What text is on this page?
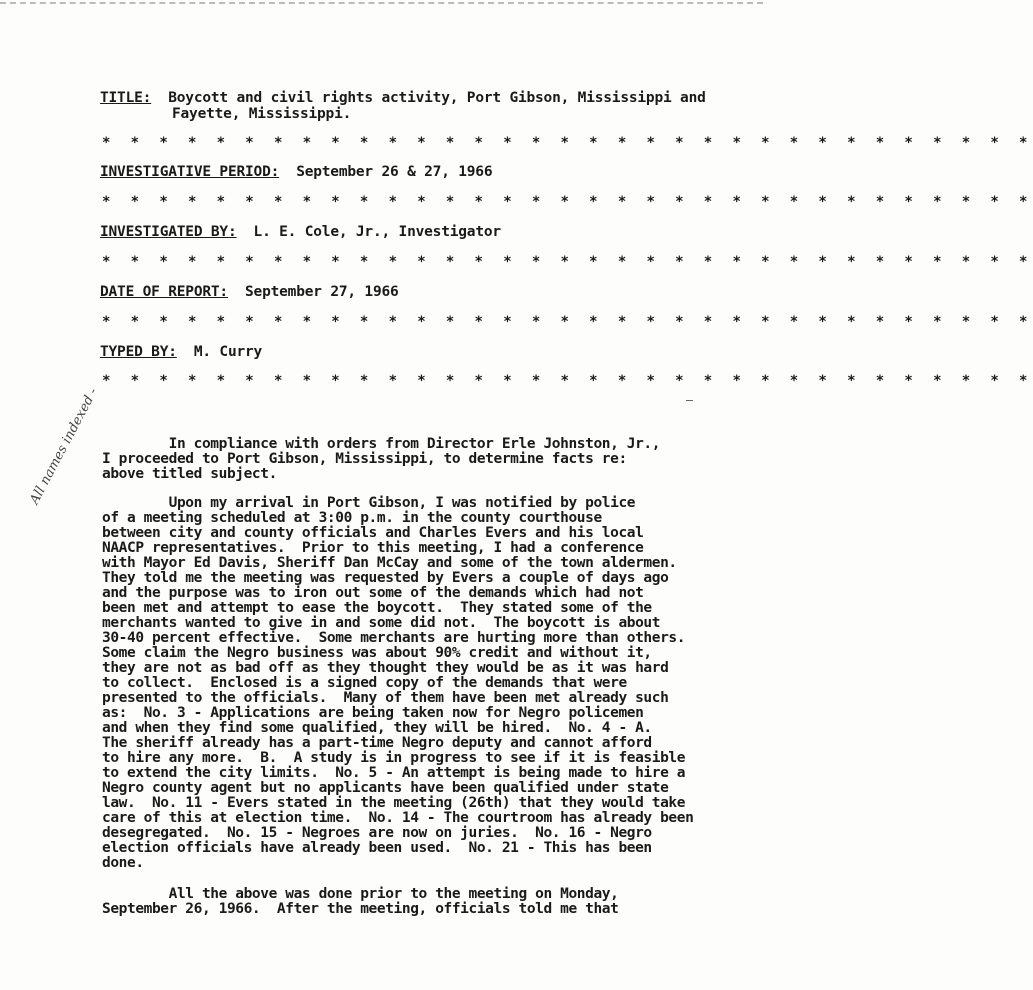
TITLE: Boycott and civil rights activity, Port Gibson, Mississippi and
Fayette, Mississippi.
* * * * * * * * * * * * * * * * * * * * * * * * * * * * * * * * *
INVESTIGATIVE PERIOD: September 26 & 27, 1966
* * * * * * * * * * * * * * * * * * * * * * * * * * * * * * * * *
INVESTIGATED BY: L. E. Cole, Jr., Investigator
* * * * * * * * * * * * * * * * * * * * * * * * * * * * * * * * *
DATE OF REPORT: September 27, 1966
* * * * * * * * * * * * * * * * * * * * * * * * * * * * * * * * *
TYPED BY: M. Curry
* * * * * * * * * * * * * * * * * * * * * * * * * * * * * * * * *
All names indexed - In compliance with orders from Director Erle Johnston, Jr.,
I proceeded to Port Gibson, Mississippi, to determine facts re:
above titled subject.
Upon my arrival in Port Gibson, I was notified by police
of a meeting scheduled at 3:00 p.m. in the county courthouse
between city and county officials and Charles Evers and his local
NAACP representatives.  Prior to this meeting, I had a conference
with Mayor Ed Davis, Sheriff Dan McCay and some of the town aldermen.
They told me the meeting was requested by Evers a couple of days ago
and the purpose was to iron out some of the demands which had not
been met and attempt to ease the boycott.  They stated some of the
merchants wanted to give in and some did not.  The boycott is about
30-40 percent effective.  Some merchants are hurting more than others.
Some claim the Negro business was about 90% credit and without it,
they are not as bad off as they thought they would be as it was hard
to collect.  Enclosed is a signed copy of the demands that were
presented to the officials.  Many of them have been met already such
as:  No. 3 - Applications are being taken now for Negro policemen
and when they find some qualified, they will be hired.  No. 4 - A.
The sheriff already has a part-time Negro deputy and cannot afford
to hire any more.  B.  A study is in progress to see if it is feasible
to extend the city limits.  No. 5 - An attempt is being made to hire a
Negro county agent but no applicants have been qualified under state
law.  No. 11 - Evers stated in the meeting (26th) that they would take
care of this at election time.  No. 14 - The courtroom has already been
desegregated.  No. 15 - Negroes are now on juries.  No. 16 - Negro
election officials have already been used.  No. 21 - This has been
done.
All the above was done prior to the meeting on Monday,
September 26, 1966.  After the meeting, officials told me that
